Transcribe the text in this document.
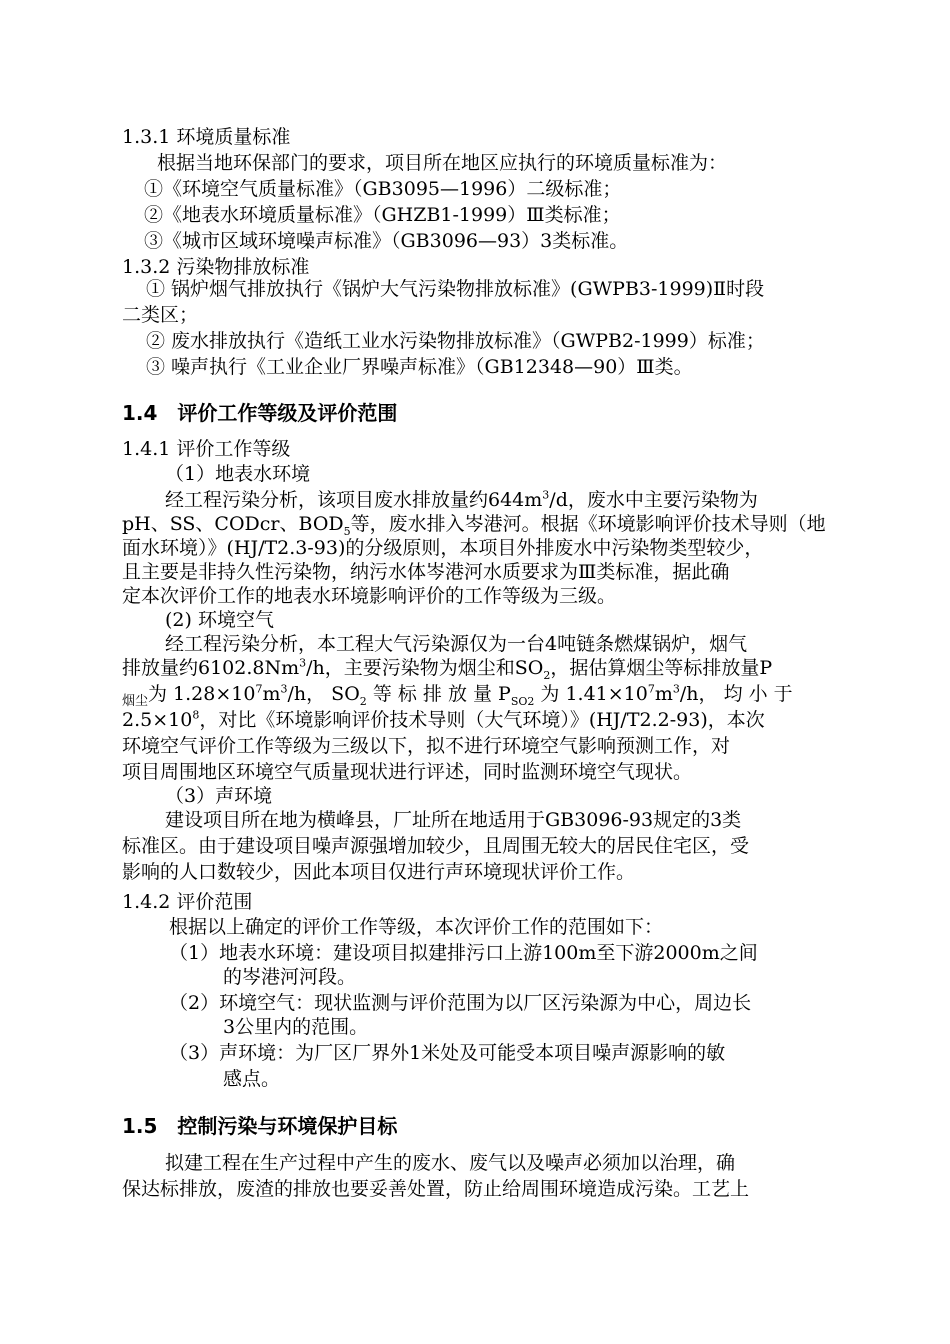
1.3.1 环境质量标准
根据当地环保部门的要求，项目所在地区应执行的环境质量标准为：
①《环境空气质量标准》（GB3095—1996）二级标准；
②《地表水环境质量标准》（GHZB1-1999）Ⅲ类标准；
③《城市区域环境噪声标准》（GB3096—93）3类标准。
1.3.2 污染物排放标准
① 锅炉烟气排放执行《锅炉大气污染物排放标准》(GWPB3-1999)Ⅱ时段
二类区；
② 废水排放执行《造纸工业水污染物排放标准》（GWPB2-1999）标准；
③ 噪声执行《工业企业厂界噪声标准》（GB12348—90）Ⅲ类。
1.4　评价工作等级及评价范围
1.4.1 评价工作等级
（1）地表水环境
经工程污染分析，该项目废水排放量约$644m^3/d$，废水中主要污染物为
pH、SS、CODcr、$BOD_5$等，废水排入岑港河。根据《环境影响评价技术导则（地
面水环境）》(HJ/T2.3-93)的分级原则，本项目外排废水中污染物类型较少，
且主要是非持久性污染物，纳污水体岑港河水质要求为Ⅲ类标准，据此确
定本次评价工作的地表水环境影响评价的工作等级为三级。
(2) 环境空气
经工程污染分析，本工程大气污染源仅为一台4吨链条燃煤锅炉，烟气
排放量约6102.8Nm$^3$/h，主要污染物为烟尘和$SO_2$，据估算烟尘等标排放量P
$_{烟尘}$为 $1.28\times 10^7m^3/h$， $SO_2$ 等 标 排 放 量 $P_{SO2}$ 为 $1.41\times 10^7m^3/h$， 均 小 于
$2.5\times 10^8$，对比《环境影响评价技术导则（大气环境）》(HJ/T2.2-93)，本次
环境空气评价工作等级为三级以下，拟不进行环境空气影响预测工作，对
项目周围地区环境空气质量现状进行评述，同时监测环境空气现状。
（3）声环境
建设项目所在地为横峰县，厂址所在地适用于GB3096-93规定的3类
标准区。由于建设项目噪声源强增加较少，且周围无较大的居民住宅区，受
影响的人口数较少，因此本项目仅进行声环境现状评价工作。
1.4.2 评价范围
根据以上确定的评价工作等级，本次评价工作的范围如下：
（1）地表水环境：建设项目拟建排污口上游100m至下游2000m之间
的岑港河河段。
（2）环境空气：现状监测与评价范围为以厂区污染源为中心，周边长
3公里内的范围。
（3）声环境：为厂区厂界外1米处及可能受本项目噪声源影响的敏
感点。
1.5　控制污染与环境保护目标
拟建工程在生产过程中产生的废水、废气以及噪声必须加以治理，确
保达标排放，废渣的排放也要妥善处置，防止给周围环境造成污染。工艺上
